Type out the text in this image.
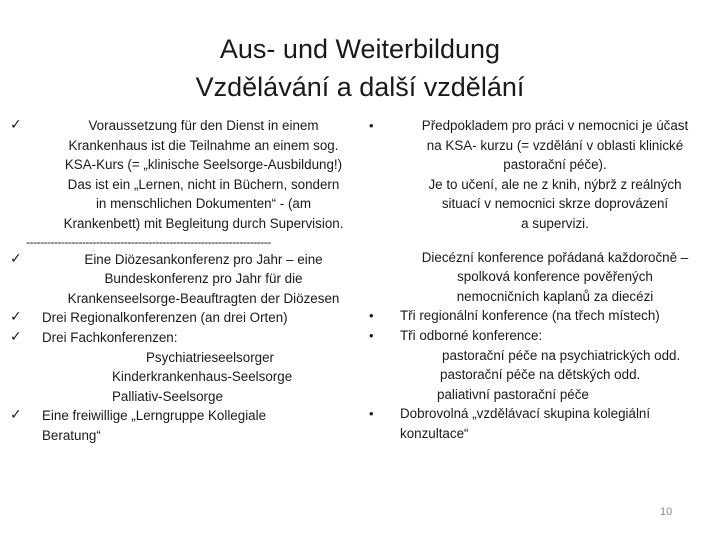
Aus- und Weiterbildung
Vzdělávání a další vzdělání
✓	Voraussetzung für den Dienst in einem
Krankenhaus ist die Teilnahme an einem sog.
KSA-Kurs (= „klinische Seelsorge-Ausbildung!)
Das ist ein „Lernen, nicht in Büchern, sondern
in menschlichen Dokumenten“ - (am
Krankenbett) mit Begleitung durch Supervision.
----------------------------------------------------------------------
✓	Eine Diözesankonferenz pro Jahr – eine
Bundeskonferenz pro Jahr für die
Krankenseelsorge-Beauftragten der Diözesen
✓	Drei Regionalkonferenzen (an drei Orten)
✓	Drei Fachkonferenzen:
Psychiatrieseelsorger
Kinderkrankenhaus-Seelsorge
Palliativ-Seelsorge
✓	Eine freiwillige „Lerngruppe Kollegiale
Beratung“
•	Předpokladem pro práci v nemocnici je účast
na KSA- kurzu (= vzdělání v oblasti klinické
pastorační péče).
Je to učení, ale ne z knih, nýbrž z reálných
situací v nemocnici skrze doprovázení
a supervizi.
Diecézní konference pořádaná každoročně –
spolková konference pověřených
nemocničních kaplanů za diecézi
• Tři regionální konference (na třech místech)
• Tři odborné konference:
pastorační péče na psychiatrických odd.
pastorační péče na dětských odd.
paliativní pastorační péče
• Dobrovolná „vzdělávací skupina kolegiální
konzultace“
10
